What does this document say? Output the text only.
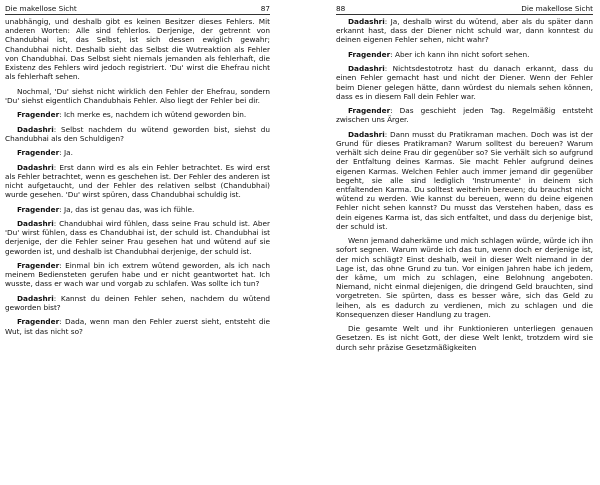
Die makellose Sicht	87

unabhängig, und deshalb gibt es keinen Besitzer dieses Fehlers. Mit anderen Worten: Alle sind fehlerlos. Derjenige, der getrennt von Chandubhai ist, das Selbst, ist sich dessen ewiglich gewahr; Chandubhai nicht. Deshalb sieht das Selbst die Wutreaktion als Fehler von Chandubhai. Das Selbst sieht niemals jemanden als fehlerhaft, die Existenz des Fehlers wird jedoch registriert. 'Du' wirst die Ehefrau nicht als fehlerhaft sehen.

Nochmal, 'Du' siehst nicht wirklich den Fehler der Ehefrau, sondern 'Du' siehst eigentlich Chandubhais Fehler. Also liegt der Fehler bei dir.

Fragender: Ich merke es, nachdem ich wütend geworden bin.

Dadashri: Selbst nachdem du wütend geworden bist, siehst du Chandubhai als den Schuldigen?

Fragender: Ja.

Dadashri: Erst dann wird es als ein Fehler betrachtet. Es wird erst als Fehler betrachtet, wenn es geschehen ist. Der Fehler des anderen ist nicht aufgetaucht, und der Fehler des relativen selbst (Chandubhai) wurde gesehen. 'Du' wirst spüren, dass Chandubhai schuldig ist.

Fragender: Ja, das ist genau das, was ich fühle.

Dadashri: Chandubhai wird fühlen, dass seine Frau schuld ist. Aber 'Du' wirst fühlen, dass es Chandubhai ist, der schuld ist. Chandubhai ist derjenige, der die Fehler seiner Frau gesehen hat und wütend auf sie geworden ist, und deshalb ist Chandubhai derjenige, der schuld ist.

Fragender: Einmal bin ich extrem wütend geworden, als ich nach meinem Bediensteten gerufen habe und er nicht geantwortet hat. Ich wusste, dass er wach war und vorgab zu schlafen. Was sollte ich tun?

Dadashri: Kannst du deinen Fehler sehen, nachdem du wütend geworden bist?

Fragender: Dada, wenn man den Fehler zuerst sieht, entsteht die Wut, ist das nicht so?

88	Die makellose Sicht

Dadashri: Ja, deshalb wirst du wütend, aber als du später dann erkannt hast, dass der Diener nicht schuld war, dann konntest du deinen eigenen Fehler sehen, nicht wahr?

Fragender: Aber ich kann ihn nicht sofort sehen.

Dadashri: Nichtsdestotrotz hast du danach erkannt, dass du einen Fehler gemacht hast und nicht der Diener. Wenn der Fehler beim Diener gelegen hätte, dann würdest du niemals sehen können, dass es in diesem Fall dein Fehler war.

Fragender: Das geschieht jeden Tag. Regelmäßig entsteht zwischen uns Ärger.

Dadashri: Dann musst du Pratikraman machen. Doch was ist der Grund für dieses Pratikraman? Warum solltest du bereuen? Warum verhält sich deine Frau dir gegenüber so? Sie verhält sich so aufgrund der Entfaltung deines Karmas. Sie macht Fehler aufgrund deines eigenen Karmas. Welchen Fehler auch immer jemand dir gegenüber begeht, sie alle sind lediglich 'Instrumente' in deinem sich entfaltenden Karma. Du solltest weiterhin bereuen; du brauchst nicht wütend zu werden. Wie kannst du bereuen, wenn du deine eigenen Fehler nicht sehen kannst? Du musst das Verstehen haben, dass es dein eigenes Karma ist, das sich entfaltet, und dass du derjenige bist, der schuld ist.

Wenn jemand daherkäme und mich schlagen würde, würde ich ihn sofort segnen. Warum würde ich das tun, wenn doch er derjenige ist, der mich schlägt? Einst deshalb, weil in dieser Welt niemand in der Lage ist, das ohne Grund zu tun. Vor einigen Jahren habe ich jedem, der käme, um mich zu schlagen, eine Belohnung angeboten. Niemand, nicht einmal diejenigen, die dringend Geld brauchten, sind vorgetreten. Sie spürten, dass es besser wäre, sich das Geld zu leihen, als es dadurch zu verdienen, mich zu schlagen und die Konsequenzen dieser Handlung zu tragen.

Die gesamte Welt und ihr Funktionieren unterliegen genauen Gesetzen. Es ist nicht Gott, der diese Welt lenkt, trotzdem wird sie durch sehr präzise Gesetzmäßigkeiten
